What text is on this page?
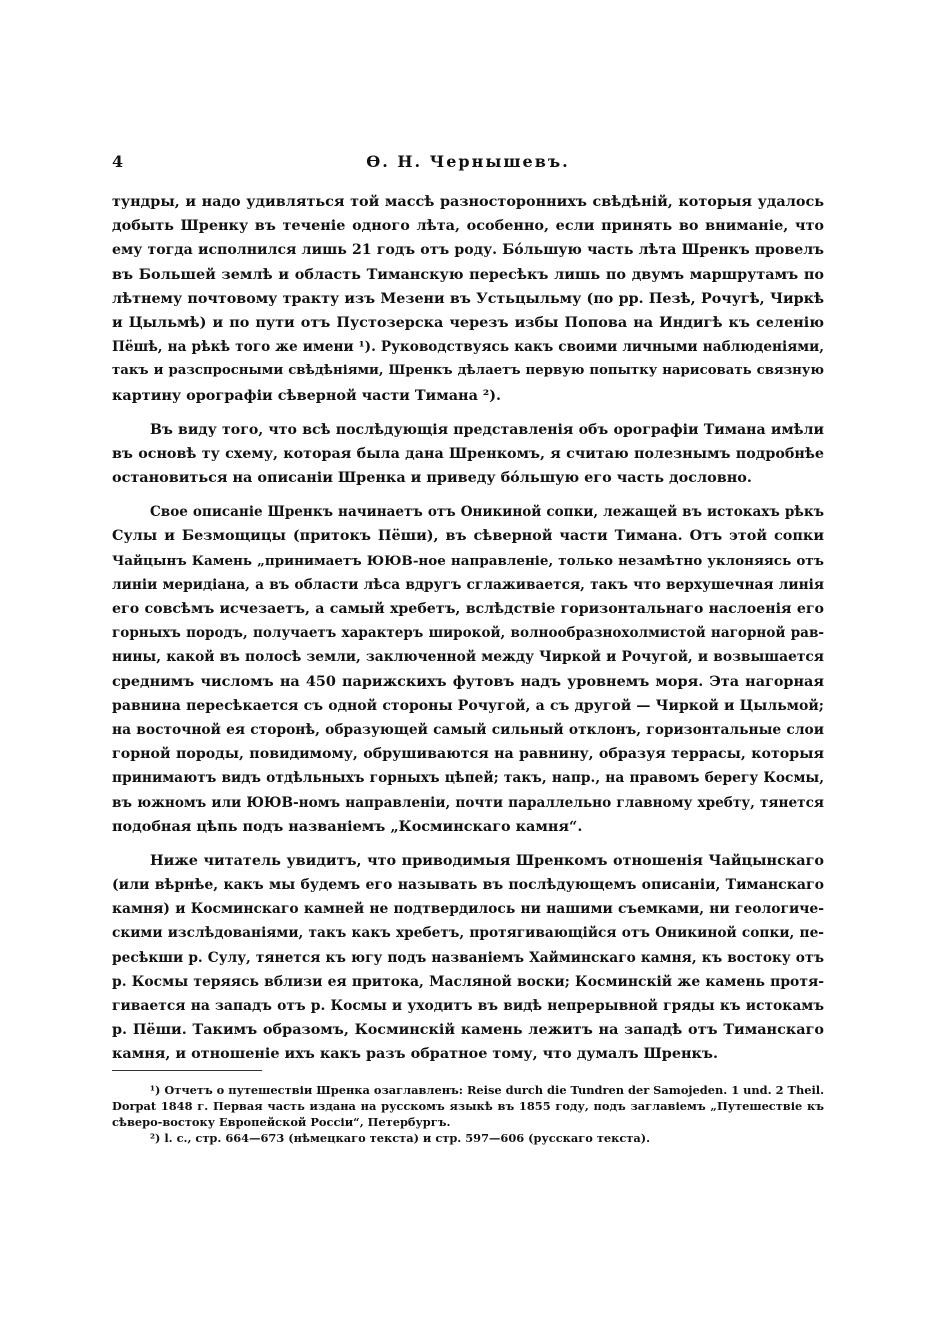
4	Ѳ. Н. Чернышевъ.
тундры, и надо удивляться той массѣ разностороннихъ свѣдѣній, которыя удалось
добыть Шренку въ теченіе одного лѣта, особенно, если принять во вниманіе, что
ему тогда исполнился лишь 21 годъ отъ роду. Бóльшую часть лѣта Шренкъ провелъ
въ Большей землѣ и область Тиманскую пересѣкъ лишь по двумъ маршрутамъ по
лѣтнему почтовому тракту изъ Мезени въ Устьцыльму (по рр. Пезѣ, Рочугѣ, Чиркѣ
и Цыльмѣ) и по пути отъ Пустозерска черезъ избы Попова на Индигѣ къ селенію
Пёшѣ, на рѣкѣ того же имени ¹). Руководствуясь какъ своими личными наблюденіями,
такъ и разспросными свѣдѣніями, Шренкъ дѣлаетъ первую попытку нарисовать связную
картину орографіи сѣверной части Тимана ²).
Въ виду того, что всѣ послѣдующія представленія объ орографіи Тимана имѣли
въ основѣ ту схему, которая была дана Шренкомъ, я считаю полезнымъ подробнѣе
остановиться на описаніи Шренка и приведу бóльшую его часть дословно.
Свое описаніе Шренкъ начинаетъ отъ Оникиной сопки, лежащей въ истокахъ рѣкъ
Сулы и Безмощицы (притокъ Пёши), въ сѣверной части Тимана. Отъ этой сопки
Чайцынъ Камень „принимаетъ ЮЮВ-ное направленіе, только незамѣтно уклоняясь отъ
линіи меридіана, а въ области лѣса вдругъ сглаживается, такъ что верхушечная линія
его совсѣмъ исчезаетъ, а самый хребетъ, вслѣдствіе горизонтальнаго наслоенія его
горныхъ породъ, получаетъ характеръ широкой, волнообразнохолмистой нагорной рав-
нины, какой въ полосѣ земли, заключенной между Чиркой и Рочугой, и возвышается
среднимъ числомъ на 450 парижскихъ футовъ надъ уровнемъ моря. Эта нагорная
равнина пересѣкается съ одной стороны Рочугой, а съ другой — Чиркой и Цыльмой;
на восточной ея сторонѣ, образующей самый сильный отклонъ, горизонтальные слои
горной породы, повидимому, обрушиваются на равнину, образуя террасы, которыя
принимаютъ видъ отдѣльныхъ горныхъ цѣпей; такъ, напр., на правомъ берегу Космы,
въ южномъ или ЮЮВ-номъ направленіи, почти параллельно главному хребту, тянется
подобная цѣпь подъ названіемъ „Косминскаго камня“.
Ниже читатель увидитъ, что приводимыя Шренкомъ отношенія Чайцынскаго
(или вѣрнѣе, какъ мы будемъ его называть въ послѣдующемъ описаніи, Тиманскаго
камня) и Косминскаго камней не подтвердилось ни нашими съемками, ни геологиче-
скими изслѣдованіями, такъ какъ хребетъ, протягивающійся отъ Оникиной сопки, пе-
ресѣкши р. Сулу, тянется къ югу подъ названіемъ Хайминскаго камня, къ востоку отъ
р. Космы теряясь вблизи ея притока, Масляной воски; Косминскій же камень протя-
гивается на западъ отъ р. Космы и уходитъ въ видѣ непрерывной гряды къ истокамъ
р. Пёши. Такимъ образомъ, Косминскій камень лежитъ на западѣ отъ Тиманскаго
камня, и отношеніе ихъ какъ разъ обратное тому, что думалъ Шренкъ.
¹) Отчетъ о путешествіи Шренка озаглавленъ: Reise durch die Tundren der Samojeden. 1 und. 2 Theil.
Dorpat 1848 г. Первая часть издана на русскомъ языкѣ въ 1855 году, подъ заглавіемъ „Путешествіе къ
сѣверо-востоку Европейской Россіи“, Петербургъ.
²) l. c., стр. 664—673 (нѣмецкаго текста) и стр. 597—606 (русскаго текста).
